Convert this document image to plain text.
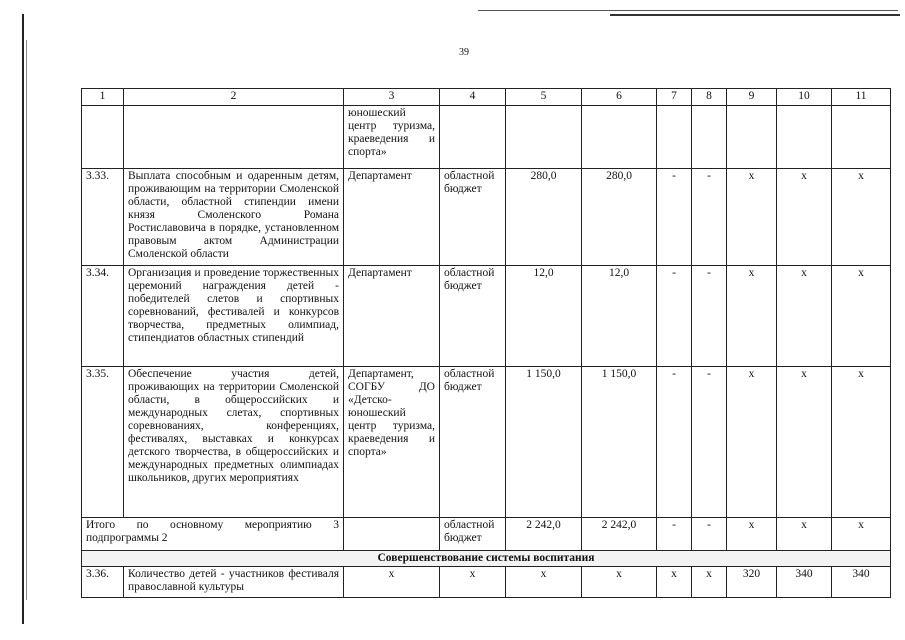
39
1	2	3	4	5	6	7	8	9	10	11
		юношеский центр туризма, краеведения и спорта»								
3.33.	Выплата способным и одаренным детям, проживающим на территории Смоленской области, областной стипендии имени князя Смоленского Романа Ростиславовича в порядке, установленном правовым актом Администрации Смоленской области	Департамент	областной бюджет	280,0	280,0	-	-	х	х	х
3.34.	Организация и проведение торжественных церемоний награждения детей - победителей слетов и спортивных соревнований, фестивалей и конкурсов творчества, предметных олимпиад, стипендиатов областных стипендий	Департамент	областной бюджет	12,0	12,0	-	-	х	х	х
3.35.	Обеспечение участия детей, проживающих на территории Смоленской области, в общероссийских и международных слетах, спортивных соревнованиях, конференциях, фестивалях, выставках и конкурсах детского творчества, в общероссийских и международных предметных олимпиадах школьников, других мероприятиях	Департамент, СОГБУ ДО «Детско-юношеский центр туризма, краеведения и спорта»	областной бюджет	1 150,0	1 150,0	-	-	х	х	х
Итого по основному мероприятию 3 подпрограммы 2			областной бюджет	2 242,0	2 242,0	-	-	х	х	х
Совершенствование системы воспитания										
3.36.	Количество детей - участников фестиваля православной культуры	х	х	х	х	х	х	320	340	340
